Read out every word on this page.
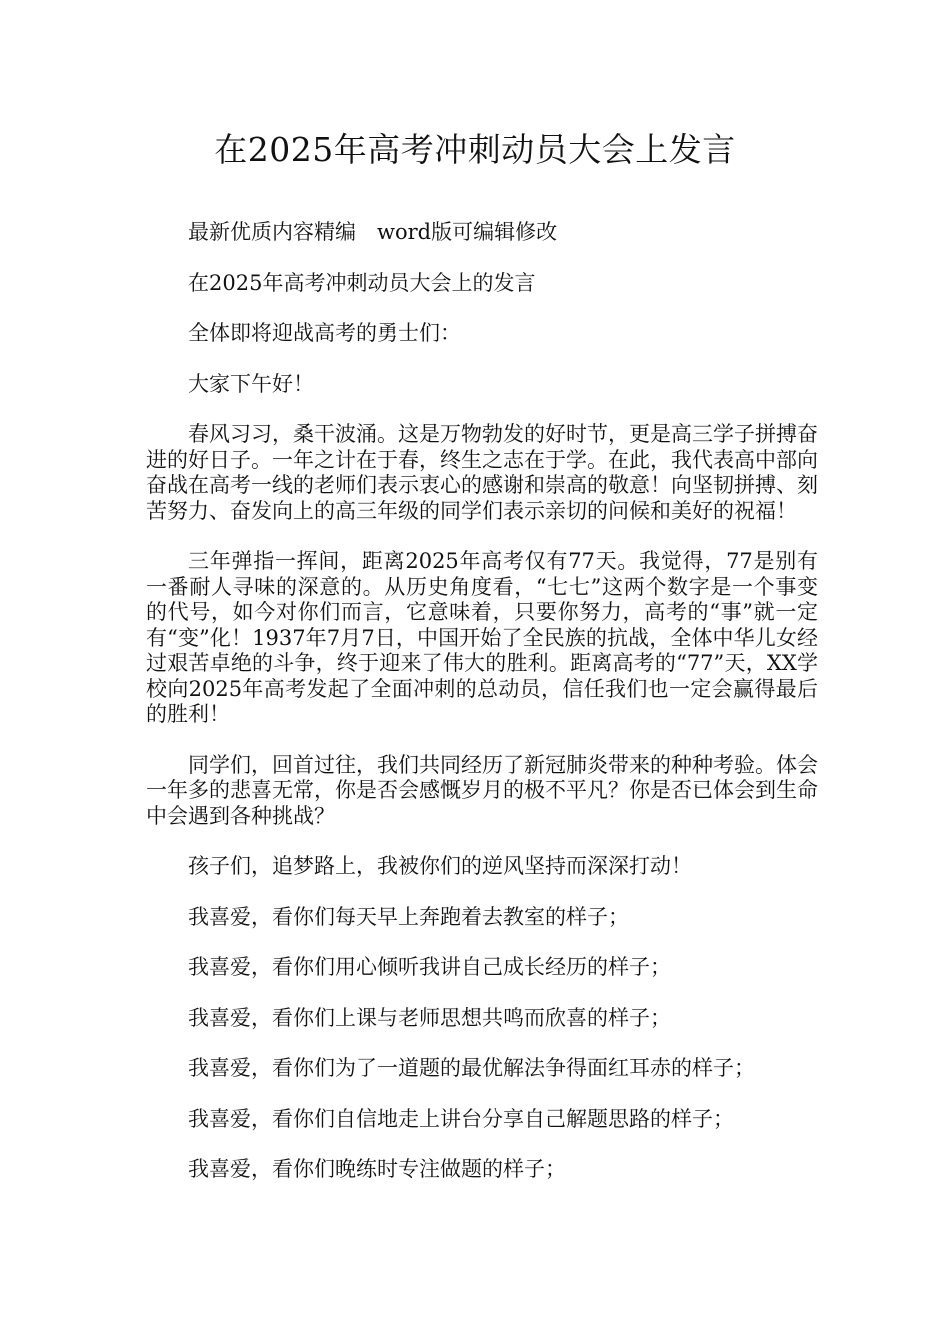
在2025年高考冲刺动员大会上发言

最新优质内容精编　word版可编辑修改

在2025年高考冲刺动员大会上的发言

全体即将迎战高考的勇士们：

大家下午好！

春风习习，桑干波涌。这是万物勃发的好时节，更是高三学子拼搏奋进的好日子。一年之计在于春，终生之志在于学。在此，我代表高中部向奋战在高考一线的老师们表示衷心的感谢和崇高的敬意！向坚韧拼搏、刻苦努力、奋发向上的高三年级的同学们表示亲切的问候和美好的祝福！

三年弹指一挥间，距离2025年高考仅有77天。我觉得，77是别有一番耐人寻味的深意的。从历史角度看，“七七”这两个数字是一个事变的代号，如今对你们而言，它意味着，只要你努力，高考的“事”就一定有“变”化！1937年7月7日，中国开始了全民族的抗战，全体中华儿女经过艰苦卓绝的斗争，终于迎来了伟大的胜利。距离高考的“77”天，XX学校向2025年高考发起了全面冲刺的总动员，信任我们也一定会赢得最后的胜利！

同学们，回首过往，我们共同经历了新冠肺炎带来的种种考验。体会一年多的悲喜无常，你是否会感慨岁月的极不平凡？你是否已体会到生命中会遇到各种挑战？

孩子们，追梦路上，我被你们的逆风坚持而深深打动！

我喜爱，看你们每天早上奔跑着去教室的样子；

我喜爱，看你们用心倾听我讲自己成长经历的样子；

我喜爱，看你们上课与老师思想共鸣而欣喜的样子；

我喜爱，看你们为了一道题的最优解法争得面红耳赤的样子；

我喜爱，看你们自信地走上讲台分享自己解题思路的样子；

我喜爱，看你们晚练时专注做题的样子；
